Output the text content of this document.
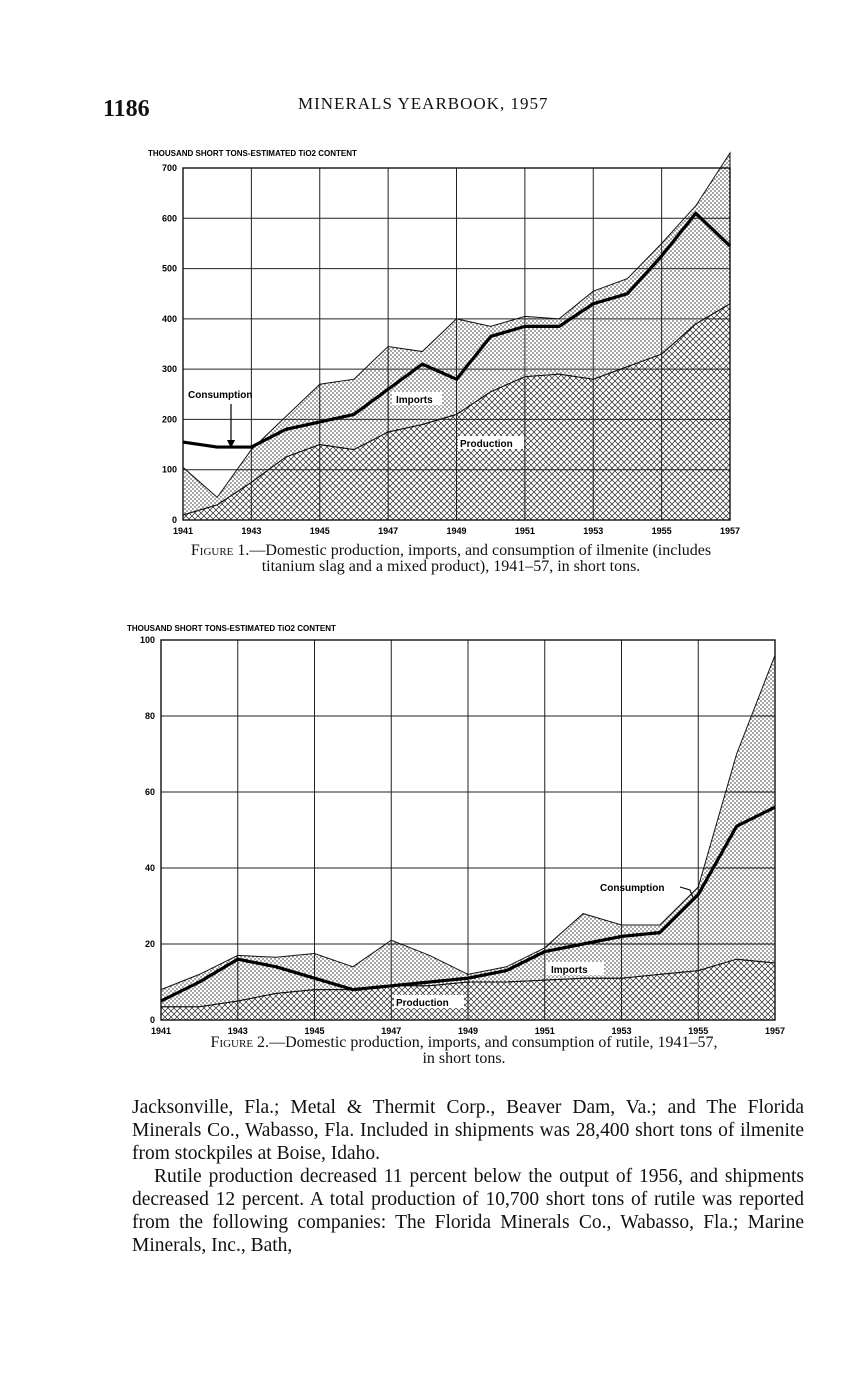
1186	MINERALS YEARBOOK, 1957
THOUSAND SHORT TONS-ESTIMATED TiO2 CONTENT
0
100
200
300
400
500
600
700
1941	1943	1945	1947	1949	1951	1953	1955	1957
Consumption	Imports
Production
THOUSAND SHORT TONS-ESTIMATED TiO2 CONTENT
0
20
40
60
80
100
1941	1943	1945	1947	1949	1951	1953	1955	1957
Consumption
Imports
Production
Figure 1.—Domestic production, imports, and consumption of ilmenite (includes
titanium slag and a mixed product), 1941–57, in short tons.
Figure 2.—Domestic production, imports, and consumption of rutile, 1941–57,
in short tons.

Jacksonville, Fla.; Metal & Thermit Corp., Beaver Dam, Va.; and The Florida Minerals Co., Wabasso, Fla. Included in shipments was 28,400 short tons of ilmenite from stockpiles at Boise, Idaho.

Rutile production decreased 11 percent below the output of 1956, and shipments decreased 12 percent. A total production of 10,700 short tons of rutile was reported from the following companies: The Florida Minerals Co., Wabasso, Fla.; Marine Minerals, Inc., Bath,
